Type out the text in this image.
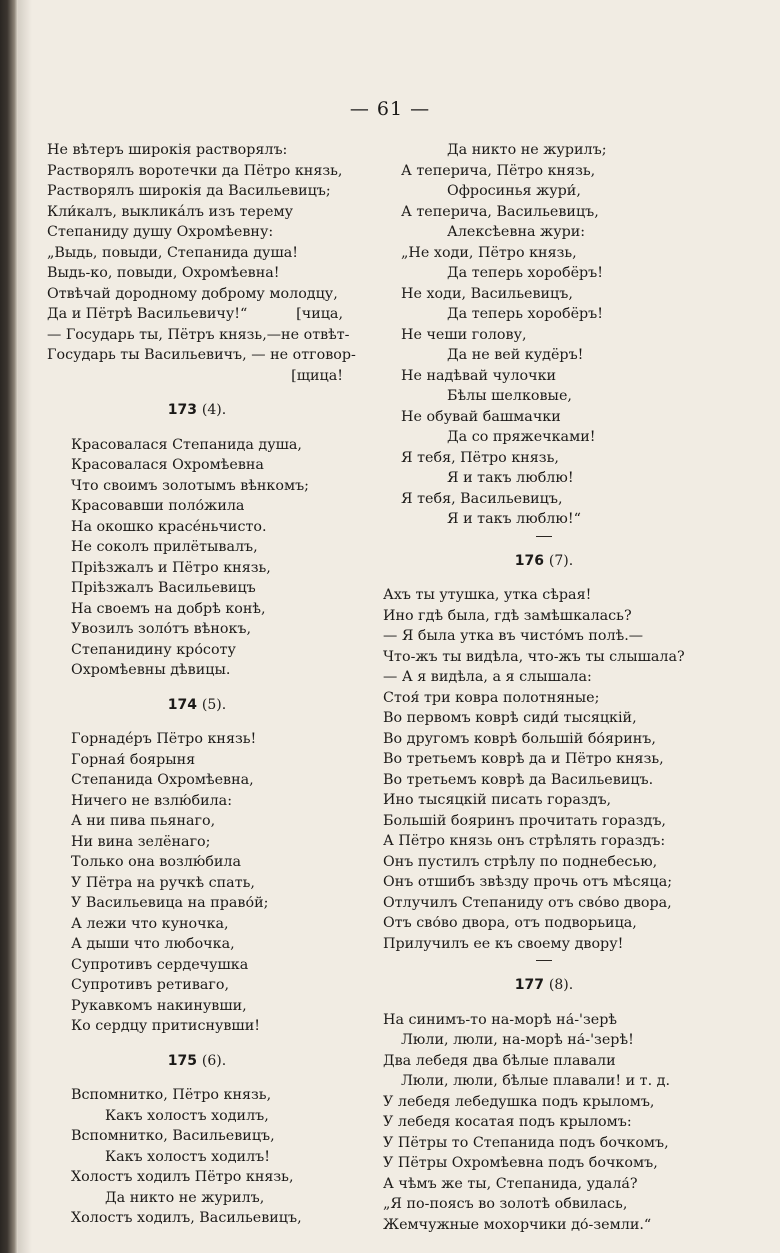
— 61 —
Не вѣтеръ широкія растворялъ:
Растворялъ воротечки да Пётро князь,
Растворялъ широкія да Васильевицъ;
Кли́калъ, выкликáлъ изъ терему
Степаниду душу Охромѣевну:
„Выдь, повыди, Степанида душа!
Выдь-ко, повыди, Охромѣевна!
Отвѣчай дородному доброму молодцу,
Да и Пётрѣ Васильевичу!“	[чица,
— Государь ты, Пётръ князь,—не отвѣт-
Государь ты Васильевичъ, — не отговор-
[щица!
173 (4).
Красовалася Степанида душа,
Красовалася Охромѣевна
Что своимъ золотымъ вѣнкомъ;
Красовавши поло́жила
На окошко красéньчисто.
Не соколъ прилётывалъ,
Пріѣзжалъ и Пётро князь,
Пріѣзжалъ Васильевицъ
На своемъ на добрѣ конѣ,
Увозилъ золо́тъ вѣнокъ,
Степанидину кро́соту
Охромѣевны дѣвицы.
174 (5).
Горнадéръ Пётро князь!
Горная́ боярыня
Степанида Охромѣевна,
Ничего не взлю́била:
А ни пива пьянаго,
Ни вина зелёнаго;
Только она возлю́била
У Пётра на ручкѣ спать,
У Васильевица на право́й;
А лежи что куночка,
А дыши что любочка,
Супротивъ сердечушка
Супротивъ ретиваго,
Рукавкомъ накинувши,
Ко сердцу притиснувши!
175 (6).
Вспомнитко, Пётро князь,
Какъ холостъ ходилъ,
Вспомнитко, Васильевицъ,
Какъ холостъ ходилъ!
Холостъ ходилъ Пётро князь,
Да никто не журилъ,
Холостъ ходилъ, Васильевицъ,
Да никто не журилъ;
А теперича, Пётро князь,
Офросинья жури́,
А теперича, Васильевицъ,
Алексѣевна жури:
„Не ходи, Пётро князь,
Да теперь хоробёръ!
Не ходи, Васильевицъ,
Да теперь хоробёръ!
Не чеши голову,
Да не вей кудёръ!
Не надѣвай чулочки
Бѣлы шелковые,
Не обувай башмачки
Да со пряжечками!
Я тебя, Пётро князь,
Я и такъ люблю!
Я тебя, Васильевицъ,
Я и такъ люблю!“
176 (7).
Ахъ ты утушка, утка сѣрая!
Ино гдѣ была, гдѣ замѣшкалась?
— Я была утка въ чисто́мъ полѣ.—
Что-жъ ты видѣла, что-жъ ты слышала?
— А я видѣла, а я слышала:
Стоя́ три ковра полотняные;
Во первомъ коврѣ сиди́ тысяцкій,
Во другомъ коврѣ большій бо́яринъ,
Во третьемъ коврѣ да и Пётро князь,
Во третьемъ коврѣ да Васильевицъ.
Ино тысяцкій писать гораздъ,
Большій бояринъ прочитать гораздъ,
А Пётро князь онъ стрѣлять гораздъ:
Онъ пустилъ стрѣлу по поднебесью,
Онъ отшибъ звѣзду прочь отъ мѣсяца;
Отлучилъ Степаниду отъ сво́во двора,
Отъ сво́во двора, отъ подворьица,
Прилучилъ ее къ своему двору!
177 (8).
На синимъ-то на-морѣ на́-'зерѣ
Люли, люли, на-морѣ на́-'зерѣ!
Два лебедя два бѣлые плавали
Люли, люли, бѣлые плавали! и т. д.
У лебедя лебедушка подъ крыломъ,
У лебедя косатая подъ крыломъ:
У Пётры то Степанида подъ бочкомъ,
У Пётры Охромѣевна подъ бочкомъ,
А чѣмъ же ты, Степанида, удала́?
„Я по-поясъ во золотѣ обвилась,
Жемчужные мохорчики до́-земли.“
